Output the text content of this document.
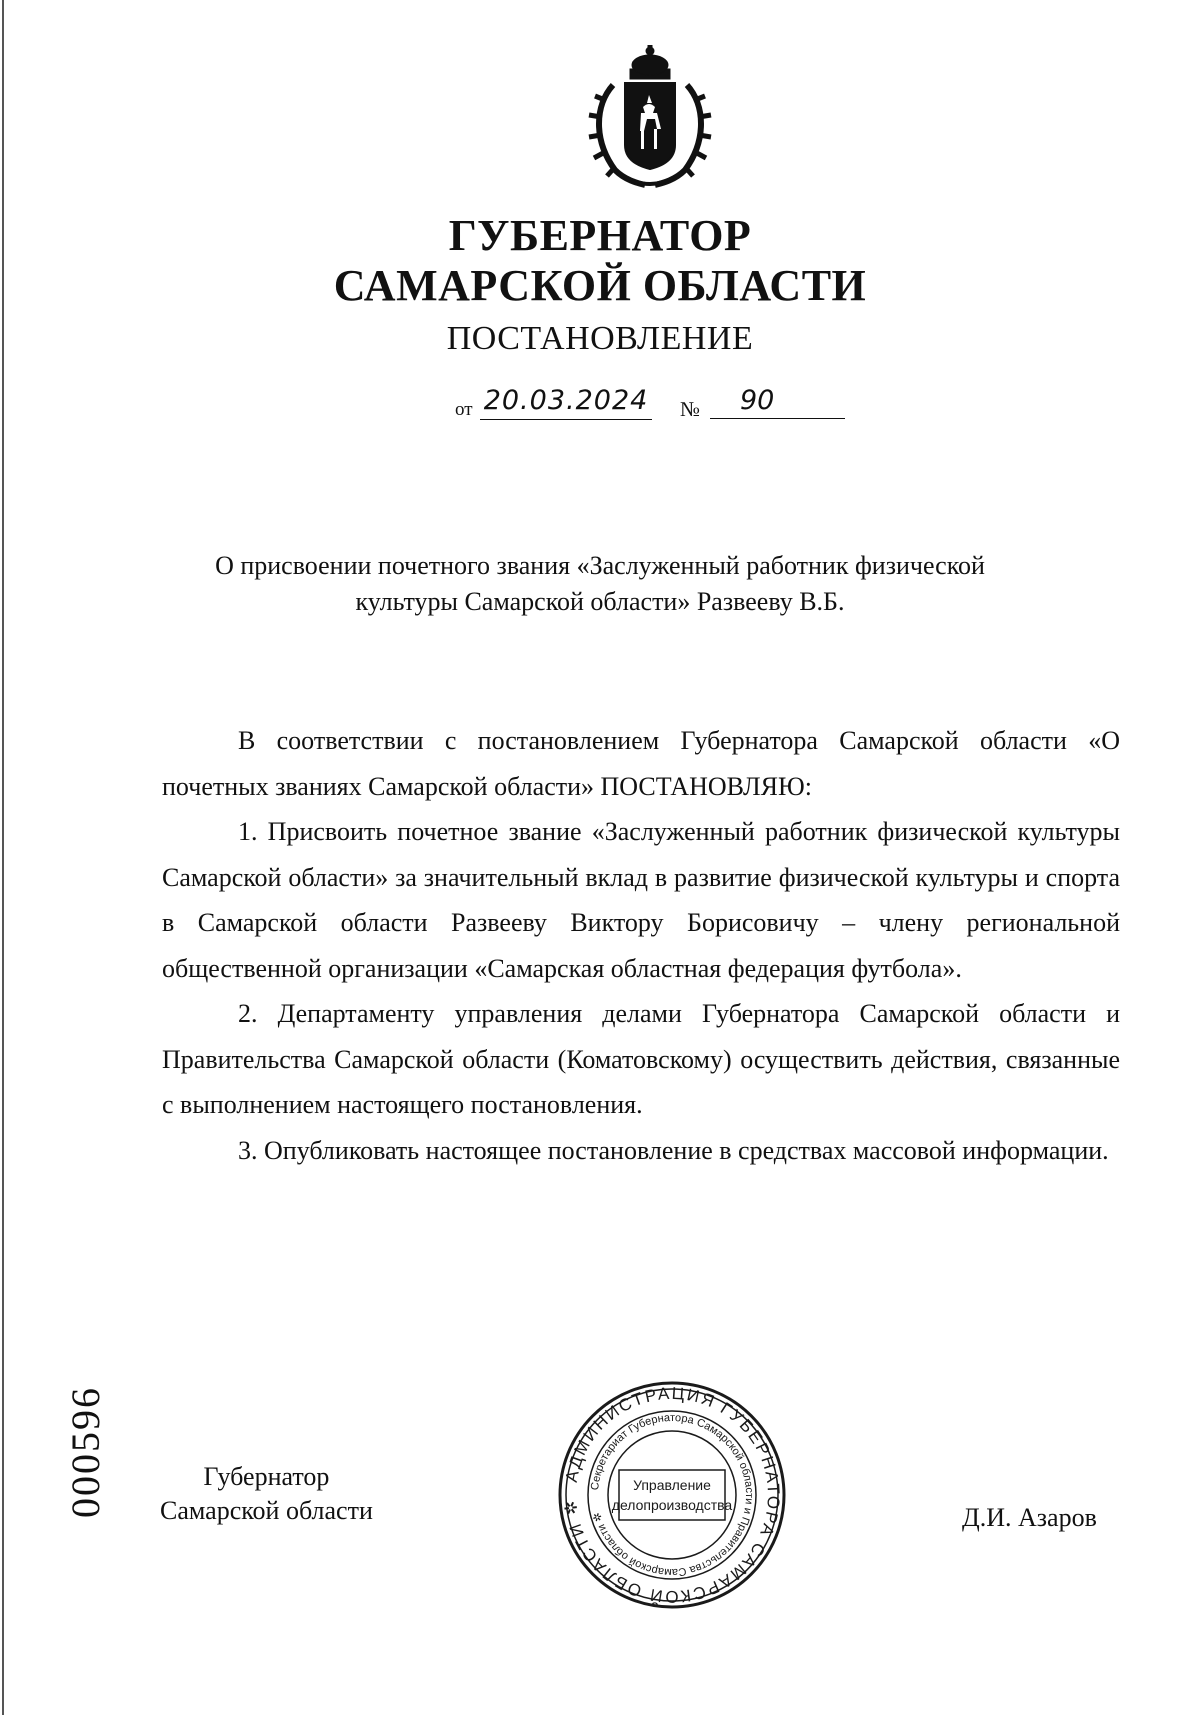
ГУБЕРНАТОР
САМАРСКОЙ ОБЛАСТИ
ПОСТАНОВЛЕНИЕ
от 20.03.2024 №	90
О присвоении почетного звания «Заслуженный работник физической
культуры Самарской области» Развееву В.Б.

В соответствии с постановлением Губернатора Самарской области «О почетных званиях Самарской области» ПОСТАНОВЛЯЮ:

1. Присвоить почетное звание «Заслуженный работник физической культуры Самарской области» за значительный вклад в развитие физической культуры и спорта в Самарской области Развееву Виктору Борисовичу – члену региональной общественной организации «Самарская областная федерация футбола».

2. Департаменту управления делами Губернатора Самарской области и Правительства Самарской области (Коматовскому) осуществить действия, связанные с выполнением настоящего постановления.

3. Опубликовать настоящее постановление в средствах массовой информации.

000596	Губернатор
Самарской области	Д.И. Азаров
АДМИНИСТРАЦИЯ ГУБЕРНАТОРА САМАРСКОЙ ОБЛАСТИ ✲
Секретариат Губернатора Самарской области и Правительства Самарской области ✲
Управление
делопроизводства
